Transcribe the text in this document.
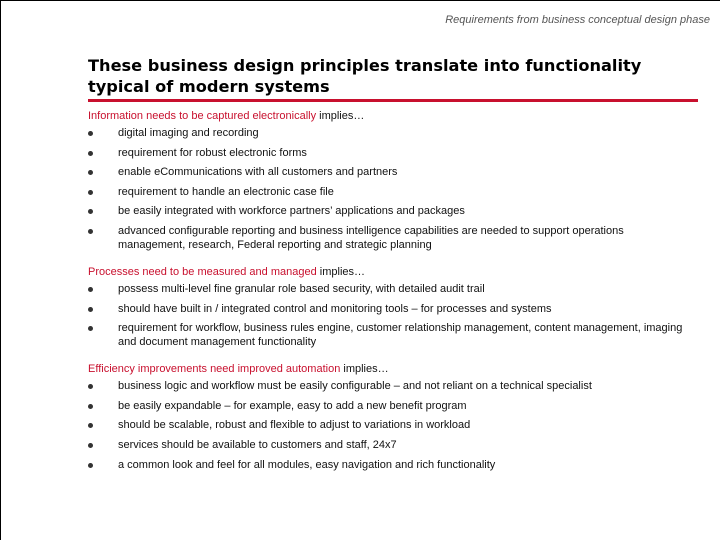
Requirements from business conceptual design phase
These business design principles translate into functionality typical of modern systems
Information needs to be captured electronically implies…
digital imaging and recording
requirement for robust electronic forms
enable eCommunications with all customers and partners
requirement to handle an electronic case file
be easily integrated with workforce partners’ applications and packages
advanced configurable reporting and business intelligence capabilities are needed to support operations management, research, Federal reporting and strategic planning
Processes need to be measured and managed implies…
possess multi-level fine granular role based security, with detailed audit trail
should have built in / integrated control and monitoring tools – for processes and systems
requirement for workflow, business rules engine, customer relationship management, content management, imaging and document management functionality
Efficiency improvements need improved automation implies…
business logic and workflow must be easily configurable – and not reliant on a technical specialist
be easily expandable – for example, easy to add a new benefit program
should be scalable, robust and flexible to adjust to variations in workload
services should be available to customers and staff, 24x7
a common look and feel for all modules, easy navigation and rich functionality
